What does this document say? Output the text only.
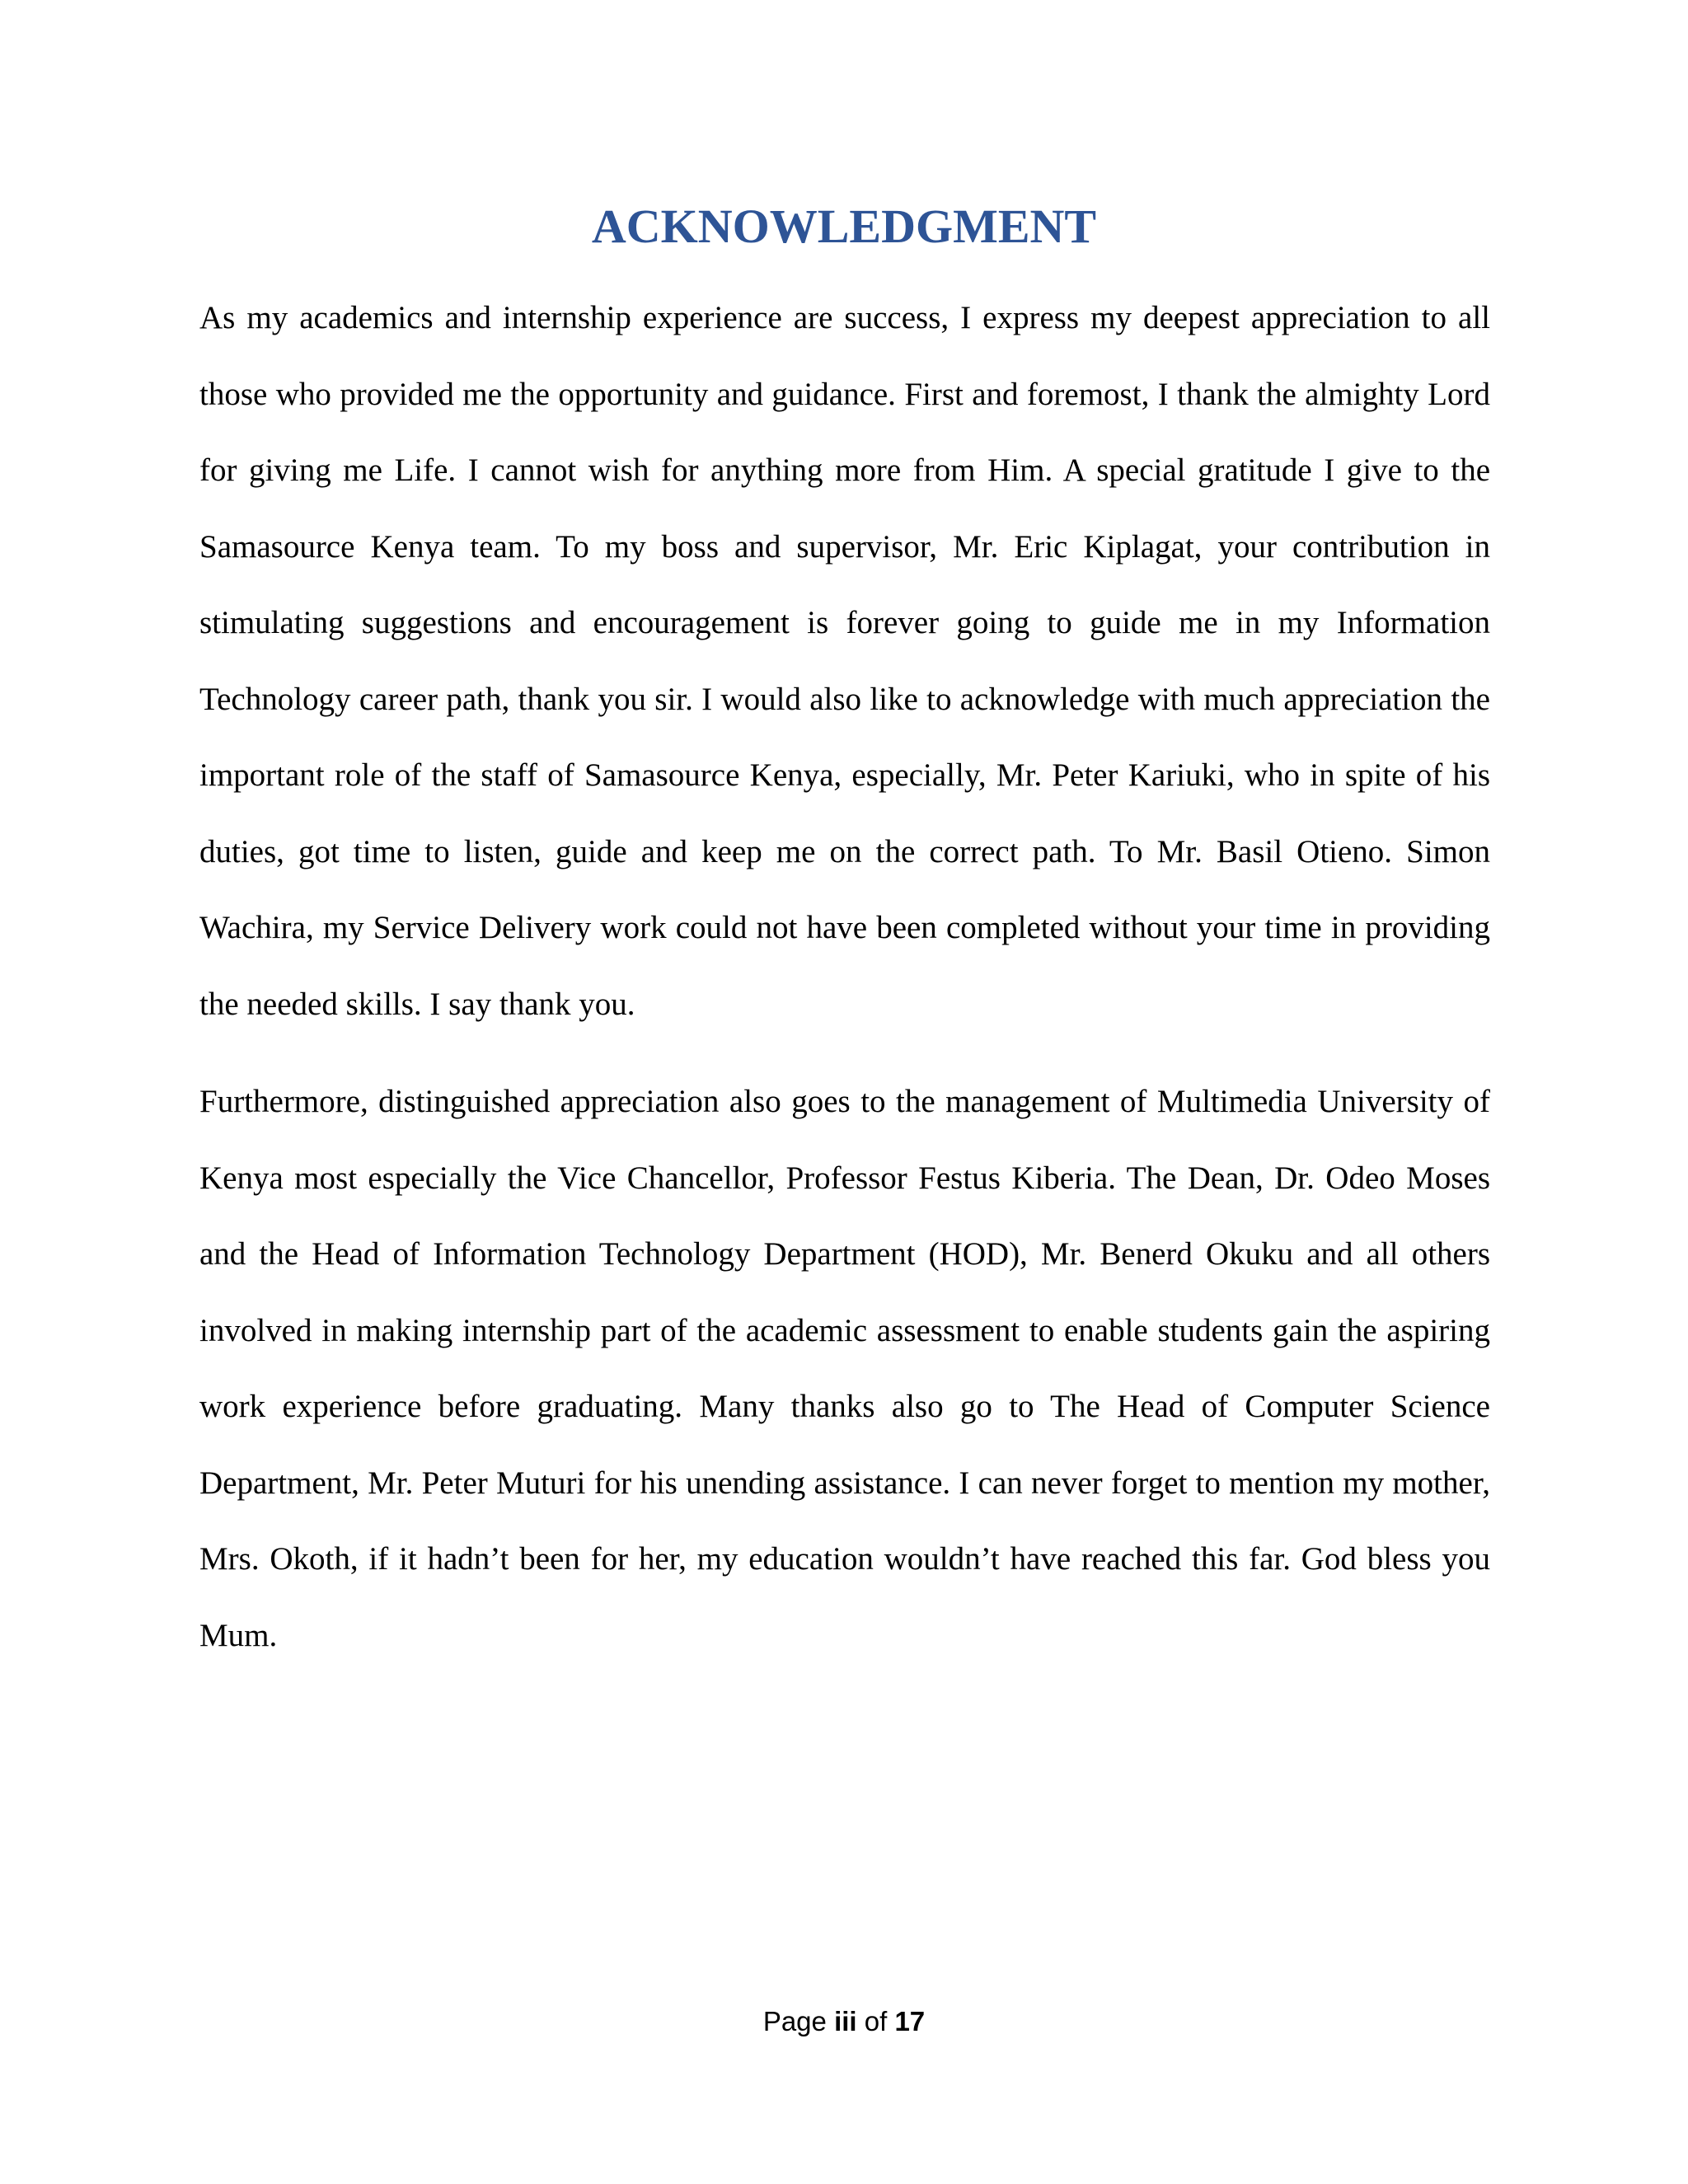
ACKNOWLEDGMENT

As my academics and internship experience are success, I express my deepest appreciation to all those who provided me the opportunity and guidance. First and foremost, I thank the almighty Lord for giving me Life. I cannot wish for anything more from Him. A special gratitude I give to the Samasource Kenya team. To my boss and supervisor, Mr. Eric Kiplagat, your contribution in stimulating suggestions and encouragement is forever going to guide me in my Information Technology career path, thank you sir. I would also like to acknowledge with much appreciation the important role of the staff of Samasource Kenya, especially, Mr. Peter Kariuki, who in spite of his duties, got time to listen, guide and keep me on the correct path. To Mr. Basil Otieno. Simon Wachira, my Service Delivery work could not have been completed without your time in providing the needed skills. I say thank you.

Furthermore, distinguished appreciation also goes to the management of Multimedia University of Kenya most especially the Vice Chancellor, Professor Festus Kiberia. The Dean, Dr. Odeo Moses and the Head of Information Technology Department (HOD), Mr. Benerd Okuku and all others involved in making internship part of the academic assessment to enable students gain the aspiring work experience before graduating. Many thanks also go to The Head of Computer Science Department, Mr. Peter Muturi for his unending assistance. I can never forget to mention my mother, Mrs. Okoth, if it hadn’t been for her, my education wouldn’t have reached this far. God bless you Mum.

Page iii of 17
